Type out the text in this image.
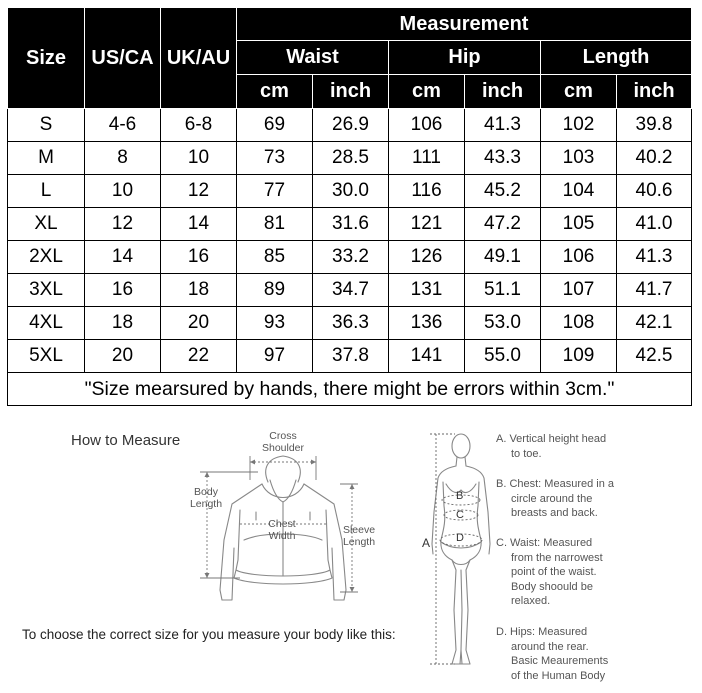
Size	US/CA	UK/AU	Measurement					
			Waist		Hip		Length	
			cm	inch	cm	inch	cm	inch
S	4-6	6-8	69	26.9	106	41.3	102	39.8
M	8	10	73	28.5	111	43.3	103	40.2
L	10	12	77	30.0	116	45.2	104	40.6
XL	12	14	81	31.6	121	47.2	105	41.0
2XL	14	16	85	33.2	126	49.1	106	41.3
3XL	16	18	89	34.7	131	51.1	107	41.7
4XL	18	20	93	36.3	136	53.0	108	42.1
5XL	20	22	97	37.8	141	55.0	109	42.5
"Size mearsured by hands, there might be errors within 3cm."								
How to Measure	Cross
Shoulder
Body
Length
Chest
Width	Sleeve
Length
To choose the correct size for you measure your body like this:
A
B
C
D
A. Vertical height head
to toe.
B. Chest: Measured in a
circle around the
breasts and back.
C. Waist: Measured
from the narrowest
point of the waist.
Body shoould be
relaxed.
D. Hips: Measured
around the rear.
Basic Meaurements
of the Human Body
